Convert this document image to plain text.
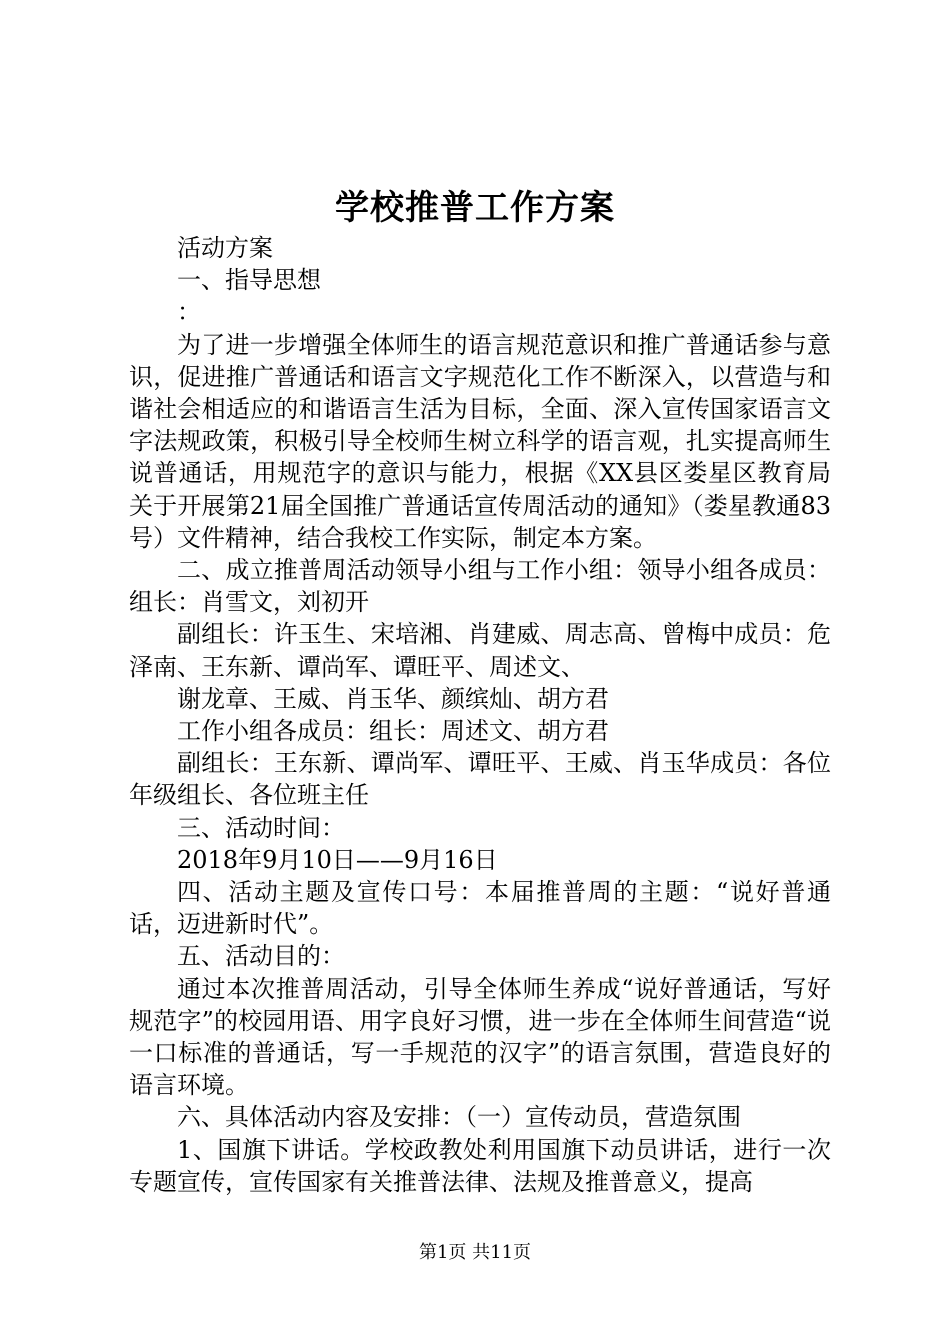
学校推普工作方案

活动方案

一、指导思想

：

为了进一步增强全体师生的语言规范意识和推广普通话参与意识，促进推广普通话和语言文字规范化工作不断深入，以营造与和谐社会相适应的和谐语言生活为目标，全面、深入宣传国家语言文字法规政策，积极引导全校师生树立科学的语言观，扎实提高师生说普通话，用规范字的意识与能力，根据《XX县区娄星区教育局关于开展第21届全国推广普通话宣传周活动的通知》（娄星教通83号）文件精神，结合我校工作实际，制定本方案。

二、成立推普周活动领导小组与工作小组：领导小组各成员：组长：肖雪文，刘初开

副组长：许玉生、宋培湘、肖建威、周志高、曾梅中成员：危泽南、王东新、谭尚军、谭旺平、周述文、

谢龙章、王威、肖玉华、颜缤灿、胡方君

工作小组各成员：组长：周述文、胡方君

副组长：王东新、谭尚军、谭旺平、王威、肖玉华成员：各位年级组长、各位班主任

三、活动时间：

2018年9月10日——9月16日

四、活动主题及宣传口号：本届推普周的主题：“说好普通话，迈进新时代”。

五、活动目的：

通过本次推普周活动，引导全体师生养成“说好普通话，写好规范字”的校园用语、用字良好习惯，进一步在全体师生间营造“说一口标准的普通话，写一手规范的汉字”的语言氛围，营造良好的语言环境。

六、具体活动内容及安排：（一）宣传动员，营造氛围

1、国旗下讲话。学校政教处利用国旗下动员讲话，进行一次专题宣传，宣传国家有关推普法律、法规及推普意义，提高

第1页 共11页
